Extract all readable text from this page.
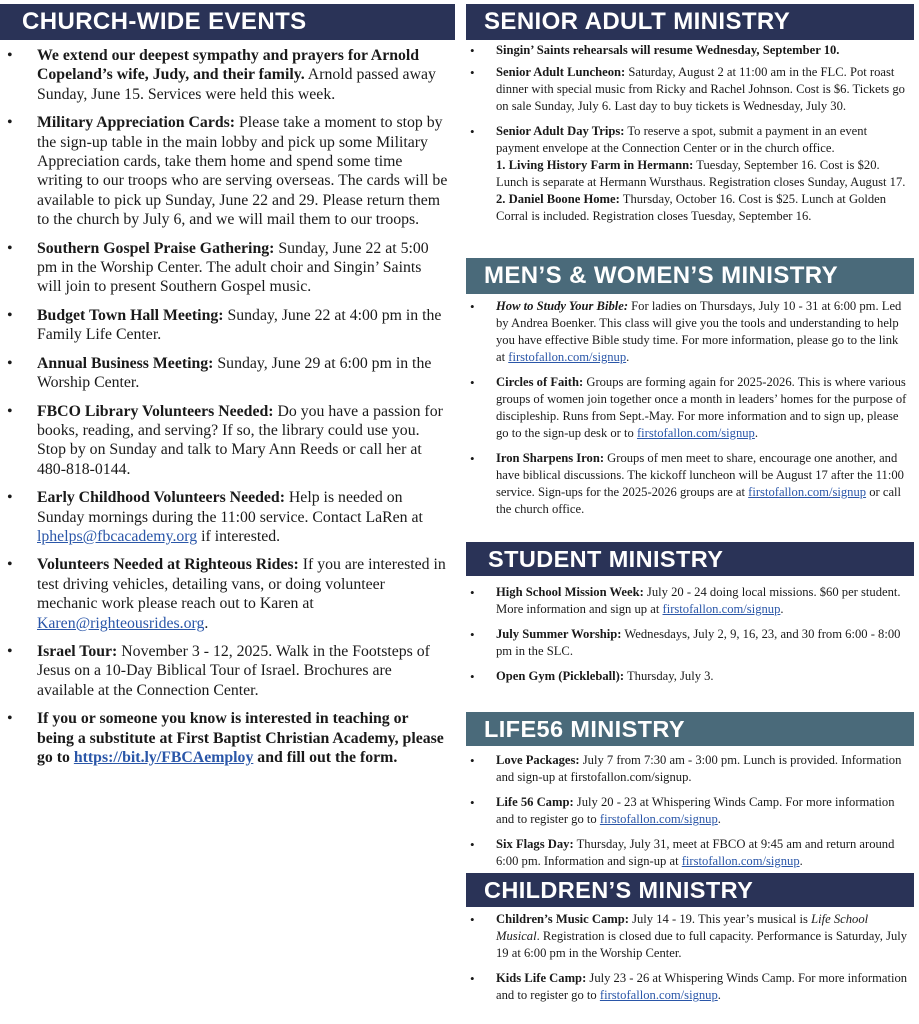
CHURCH-WIDE EVENTS
• We extend our deepest sympathy and prayers for Arnold Copeland’s wife, Judy, and their family. Arnold passed away Sunday, June 15. Services were held this week.
• Military Appreciation Cards: Please take a moment to stop by the sign-up table in the main lobby and pick up some Military Appreciation cards, take them home and spend some time writing to our troops who are serving overseas. The cards will be available to pick up Sunday, June 22 and 29. Please return them to the church by July 6, and we will mail them to our troops.
• Southern Gospel Praise Gathering: Sunday, June 22 at 5:00 pm in the Worship Center. The adult choir and Singin’ Saints will join to present Southern Gospel music.
• Budget Town Hall Meeting: Sunday, June 22 at 4:00 pm in the Family Life Center.
• Annual Business Meeting: Sunday, June 29 at 6:00 pm in the Worship Center.
• FBCO Library Volunteers Needed: Do you have a passion for books, reading, and serving? If so, the library could use you. Stop by on Sunday and talk to Mary Ann Reeds or call her at 480-818-0144.
• Early Childhood Volunteers Needed: Help is needed on Sunday mornings during the 11:00 service. Contact LaRen at lphelps@fbcacademy.org if interested.
• Volunteers Needed at Righteous Rides: If you are interested in test driving vehicles, detailing vans, or doing volunteer mechanic work please reach out to Karen at Karen@righteousrides.org.
• Israel Tour: November 3 - 12, 2025. Walk in the Footsteps of Jesus on a 10-Day Biblical Tour of Israel. Brochures are available at the Connection Center.
• If you or someone you know is interested in teaching or being a substitute at First Baptist Christian Academy, please go to https://bit.ly/FBCAemploy and fill out the form.
SENIOR ADULT MINISTRY
• Singin’ Saints rehearsals will resume Wednesday, September 10.
• Senior Adult Luncheon: Saturday, August 2 at 11:00 am in the FLC. Pot roast dinner with special music from Ricky and Rachel Johnson. Cost is $6. Tickets go on sale Sunday, July 6. Last day to buy tickets is Wednesday, July 30.
• Senior Adult Day Trips: To reserve a spot, submit a payment in an event payment envelope at the Connection Center or in the church office.
1. Living History Farm in Hermann: Tuesday, September 16. Cost is $20. Lunch is separate at Hermann Wursthaus. Registration closes Sunday, August 17.
2. Daniel Boone Home: Thursday, October 16. Cost is $25. Lunch at Golden Corral is included. Registration closes Tuesday, September 16.
MEN’S & WOMEN’S MINISTRY
• How to Study Your Bible: For ladies on Thursdays, July 10 - 31 at 6:00 pm. Led by Andrea Boenker. This class will give you the tools and understanding to help you have effective Bible study time. For more information, please go to the link at firstofallon.com/signup.
• Circles of Faith: Groups are forming again for 2025-2026. This is where various groups of women join together once a month in leaders’ homes for the purpose of discipleship. Runs from Sept.-May. For more information and to sign up, please go to the sign-up desk or to firstofallon.com/signup.
• Iron Sharpens Iron: Groups of men meet to share, encourage one another, and have biblical discussions. The kickoff luncheon will be August 17 after the 11:00 service. Sign-ups for the 2025-2026 groups are at firstofallon.com/signup or call the church office.
STUDENT MINISTRY
• High School Mission Week: July 20 - 24 doing local missions. $60 per student. More information and sign up at firstofallon.com/signup.
• July Summer Worship: Wednesdays, July 2, 9, 16, 23, and 30 from 6:00 - 8:00 pm in the SLC.
• Open Gym (Pickleball): Thursday, July 3.
LIFE56 MINISTRY
• Love Packages: July 7 from 7:30 am - 3:00 pm. Lunch is provided. Information and sign-up at firstofallon.com/signup.
• Life 56 Camp: July 20 - 23 at Whispering Winds Camp. For more information and to register go to firstofallon.com/signup.
• Six Flags Day: Thursday, July 31, meet at FBCO at 9:45 am and return around 6:00 pm. Information and sign-up at firstofallon.com/signup.
CHILDREN’S MINISTRY
• Children’s Music Camp: July 14 - 19. This year’s musical is Life School Musical. Registration is closed due to full capacity. Performance is Saturday, July 19 at 6:00 pm in the Worship Center.
• Kids Life Camp: July 23 - 26 at Whispering Winds Camp. For more information and to register go to firstofallon.com/signup.
